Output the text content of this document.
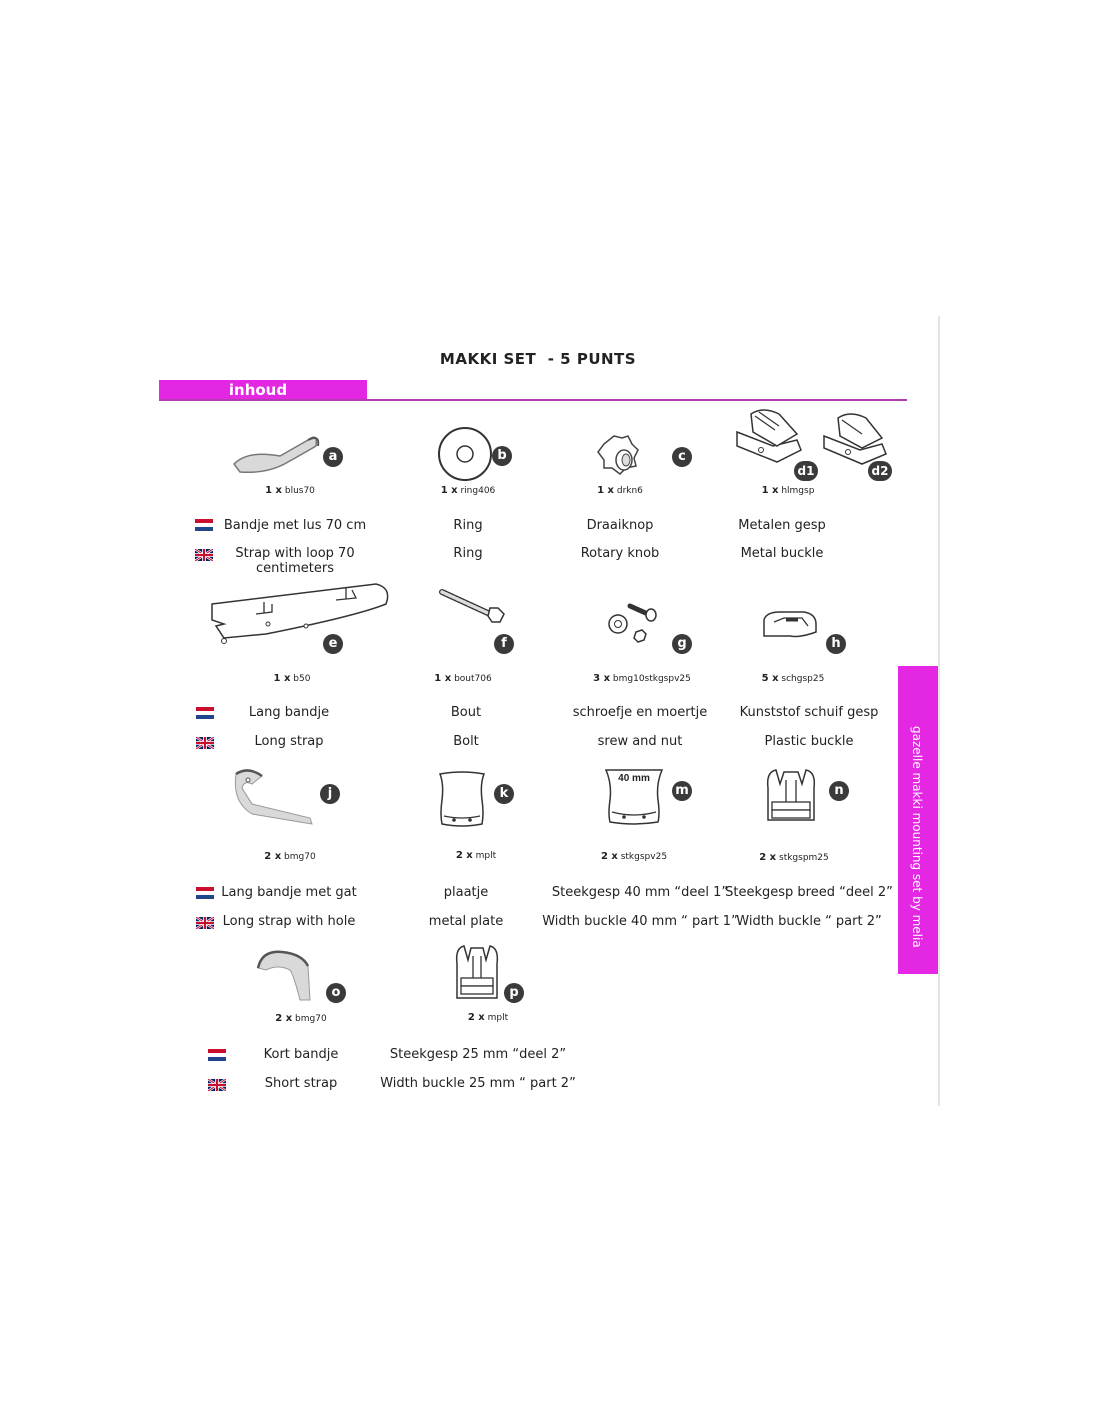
MAKKI SET  - 5 PUNTS
inhoud
gazelle makki mounting set by melia
a
1 x blus70
b
1 x ring406
c
1 x drkn6
d1	d2
1 x hlmgsp
Bandje met lus 70 cm
Strap with loop 70 centimeters
Ring
Ring
Draaiknop
Rotary knob
Metalen gesp
Metal buckle
e
1 x b50
f
1 x bout706
g
3 x bmg10stkgspv25
h
5 x schgsp25
Lang bandje
Long strap
Bout
Bolt
schroefje en moertje
srew and nut
Kunststof schuif gesp
Plastic buckle
j
2 x bmg70
k
2 x mplt
40 mm
m
2 x stkgspv25
n
2 x stkgspm25
Lang bandje met gat
Long strap with hole
plaatje
metal plate
Steekgesp 40 mm “deel 1”
Width buckle 40 mm “ part 1”
Steekgesp breed “deel 2”
Width buckle “ part 2”
o
2 x bmg70
p
2 x mplt
Kort bandje
Short strap
Steekgesp 25 mm “deel 2”
Width buckle 25 mm “ part 2”
